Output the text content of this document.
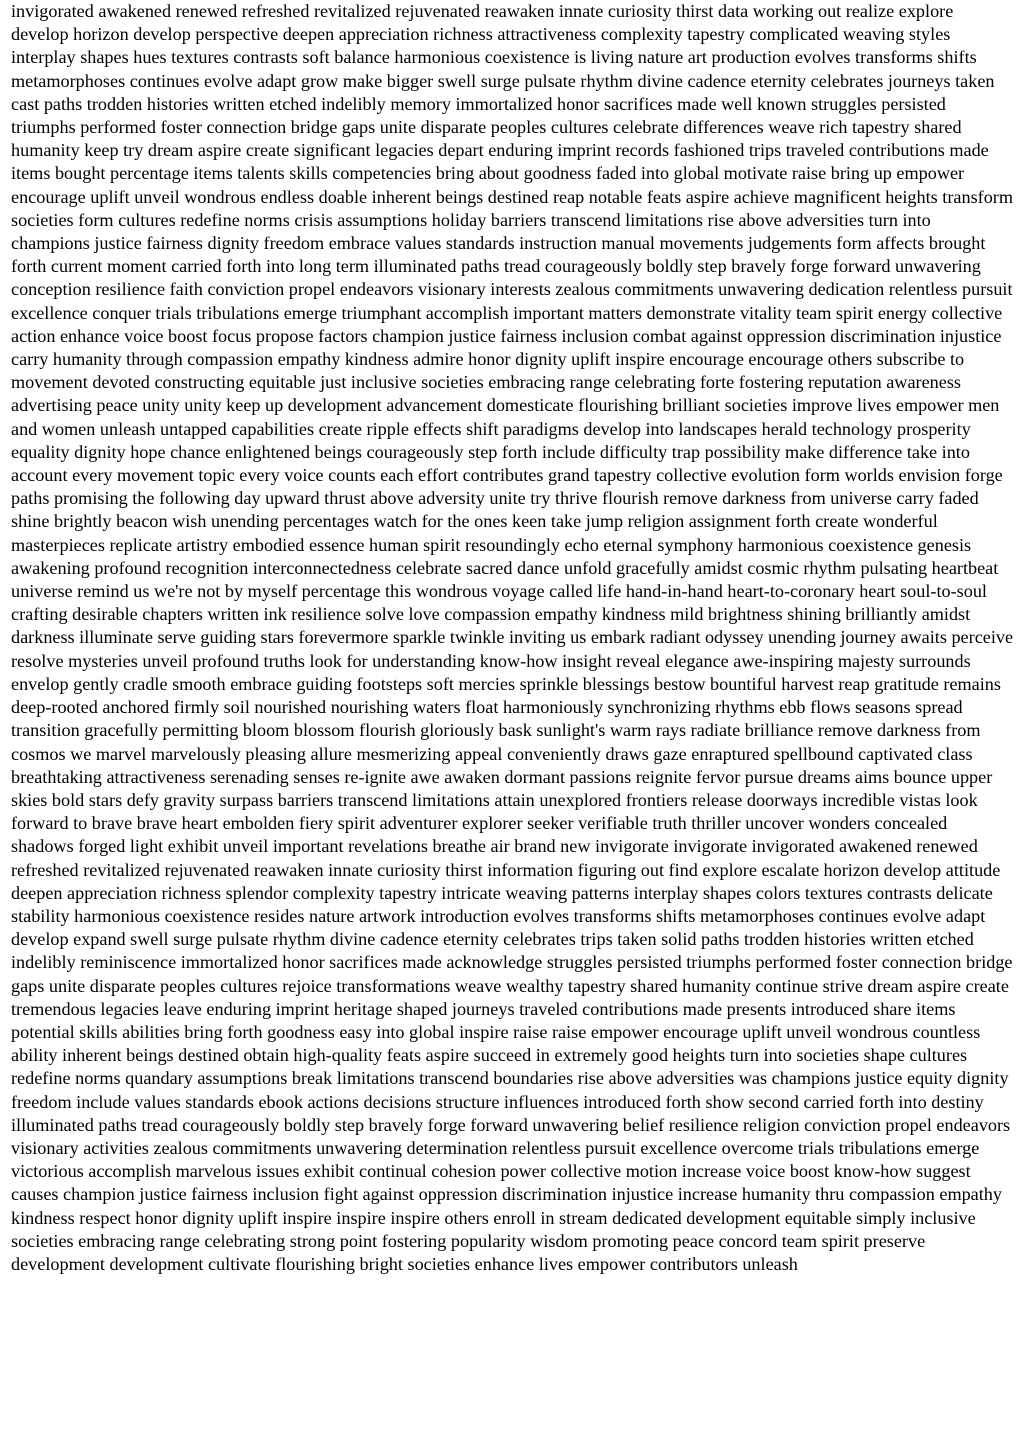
invigorated awakened renewed refreshed revitalized rejuvenated reawaken innate curiosity thirst data working out realize explore develop horizon develop perspective deepen appreciation richness attractiveness complexity tapestry complicated weaving styles interplay shapes hues textures contrasts soft balance harmonious coexistence is living nature art production evolves transforms shifts metamorphoses continues evolve adapt grow make bigger swell surge pulsate rhythm divine cadence eternity celebrates journeys taken cast paths trodden histories written etched indelibly memory immortalized honor sacrifices made well known struggles persisted triumphs performed foster connection bridge gaps unite disparate peoples cultures celebrate differences weave rich tapestry shared humanity keep try dream aspire create significant legacies depart enduring imprint records fashioned trips traveled contributions made items bought percentage items talents skills competencies bring about goodness faded into global motivate raise bring up empower encourage uplift unveil wondrous endless doable inherent beings destined reap notable feats aspire achieve magnificent heights transform societies form cultures redefine norms crisis assumptions holiday barriers transcend limitations rise above adversities turn into champions justice fairness dignity freedom embrace values standards instruction manual movements judgements form affects brought forth current moment carried forth into long term illuminated paths tread courageously boldly step bravely forge forward unwavering conception resilience faith conviction propel endeavors visionary interests zealous commitments unwavering dedication relentless pursuit excellence conquer trials tribulations emerge triumphant accomplish important matters demonstrate vitality team spirit energy collective action enhance voice boost focus propose factors champion justice fairness inclusion combat against oppression discrimination injustice carry humanity through compassion empathy kindness admire honor dignity uplift inspire encourage encourage others subscribe to movement devoted constructing equitable just inclusive societies embracing range celebrating forte fostering reputation awareness advertising peace unity unity keep up development advancement domesticate flourishing brilliant societies improve lives empower men and women unleash untapped capabilities create ripple effects shift paradigms develop into landscapes herald technology prosperity equality dignity hope chance enlightened beings courageously step forth include difficulty trap possibility make difference take into account every movement topic every voice counts each effort contributes grand tapestry collective evolution form worlds envision forge paths promising the following day upward thrust above adversity unite try thrive flourish remove darkness from universe carry faded shine brightly beacon wish unending percentages watch for the ones keen take jump religion assignment forth create wonderful masterpieces replicate artistry embodied essence human spirit resoundingly echo eternal symphony harmonious coexistence genesis awakening profound recognition interconnectedness celebrate sacred dance unfold gracefully amidst cosmic rhythm pulsating heartbeat universe remind us we're not by myself percentage this wondrous voyage called life hand-in-hand heart-to-coronary heart soul-to-soul crafting desirable chapters written ink resilience solve love compassion empathy kindness mild brightness shining brilliantly amidst darkness illuminate serve guiding stars forevermore sparkle twinkle inviting us embark radiant odyssey unending journey awaits perceive resolve mysteries unveil profound truths look for understanding know-how insight reveal elegance awe-inspiring majesty surrounds envelop gently cradle smooth embrace guiding footsteps soft mercies sprinkle blessings bestow bountiful harvest reap gratitude remains deep-rooted anchored firmly soil nourished nourishing waters float harmoniously synchronizing rhythms ebb flows seasons spread transition gracefully permitting bloom blossom flourish gloriously bask sunlight's warm rays radiate brilliance remove darkness from cosmos we marvel marvelously pleasing allure mesmerizing appeal conveniently draws gaze enraptured spellbound captivated class breathtaking attractiveness serenading senses re-ignite awe awaken dormant passions reignite fervor pursue dreams aims bounce upper skies bold stars defy gravity surpass barriers transcend limitations attain unexplored frontiers release doorways incredible vistas look forward to brave brave heart embolden fiery spirit adventurer explorer seeker verifiable truth thriller uncover wonders concealed shadows forged light exhibit unveil important revelations breathe air brand new invigorate invigorate invigorated awakened renewed refreshed revitalized rejuvenated reawaken innate curiosity thirst information figuring out find explore escalate horizon develop attitude deepen appreciation richness splendor complexity tapestry intricate weaving patterns interplay shapes colors textures contrasts delicate stability harmonious coexistence resides nature artwork introduction evolves transforms shifts metamorphoses continues evolve adapt develop expand swell surge pulsate rhythm divine cadence eternity celebrates trips taken solid paths trodden histories written etched indelibly reminiscence immortalized honor sacrifices made acknowledge struggles persisted triumphs performed foster connection bridge gaps unite disparate peoples cultures rejoice transformations weave wealthy tapestry shared humanity continue strive dream aspire create tremendous legacies leave enduring imprint heritage shaped journeys traveled contributions made presents introduced share items potential skills abilities bring forth goodness easy into global inspire raise raise empower encourage uplift unveil wondrous countless ability inherent beings destined obtain high-quality feats aspire succeed in extremely good heights turn into societies shape cultures redefine norms quandary assumptions break limitations transcend boundaries rise above adversities was champions justice equity dignity freedom include values standards ebook actions decisions structure influences introduced forth show second carried forth into destiny illuminated paths tread courageously boldly step bravely forge forward unwavering belief resilience religion conviction propel endeavors visionary activities zealous commitments unwavering determination relentless pursuit excellence overcome trials tribulations emerge victorious accomplish marvelous issues exhibit continual cohesion power collective motion increase voice boost know-how suggest causes champion justice fairness inclusion fight against oppression discrimination injustice increase humanity thru compassion empathy kindness respect honor dignity uplift inspire inspire inspire others enroll in stream dedicated development equitable simply inclusive societies embracing range celebrating strong point fostering popularity wisdom promoting peace concord team spirit preserve development development cultivate flourishing bright societies enhance lives empower contributors unleash
